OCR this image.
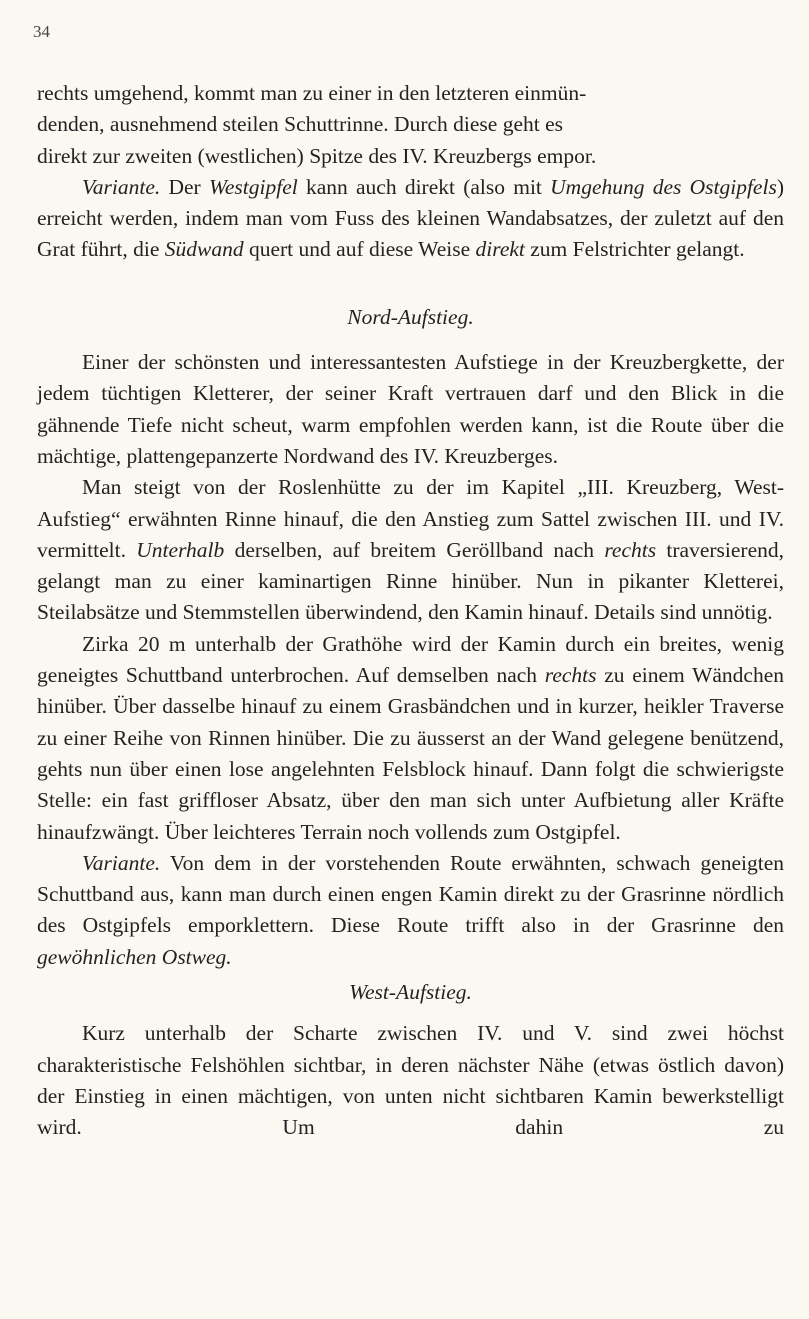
34

rechts umgehend, kommt man zu einer in den letzteren einmün-
denden, ausnehmend steilen Schuttrinne. Durch diese geht es
direkt zur zweiten (westlichen) Spitze des IV. Kreuzbergs empor.

Variante. Der Westgipfel kann auch direkt (also mit Umgehung des Ostgipfels) erreicht werden, indem man vom Fuss des kleinen Wandabsatzes, der zuletzt auf den Grat führt, die Südwand quert und auf diese Weise direkt zum Felstrichter gelangt.

Nord-Aufstieg.

Einer der schönsten und interessantesten Aufstiege in der Kreuzbergkette, der jedem tüchtigen Kletterer, der seiner Kraft vertrauen darf und den Blick in die gähnende Tiefe nicht scheut, warm empfohlen werden kann, ist die Route über die mächtige, plattengepanzerte Nordwand des IV. Kreuzberges.

Man steigt von der Roslenhütte zu der im Kapitel „III. Kreuzberg, West-Aufstieg“ erwähnten Rinne hinauf, die den Anstieg zum Sattel zwischen III. und IV. vermittelt. Unterhalb derselben, auf breitem Geröllband nach rechts traversierend, gelangt man zu einer kaminartigen Rinne hinüber. Nun in pikanter Kletterei, Steilabsätze und Stemmstellen überwindend, den Kamin hinauf. Details sind unnötig.

Zirka 20 m unterhalb der Grathöhe wird der Kamin durch ein breites, wenig geneigtes Schuttband unterbrochen. Auf demselben nach rechts zu einem Wändchen hinüber. Über dasselbe hinauf zu einem Grasbändchen und in kurzer, heikler Traverse zu einer Reihe von Rinnen hinüber. Die zu äusserst an der Wand gelegene benützend, gehts nun über einen lose angelehnten Felsblock hinauf. Dann folgt die schwierigste Stelle: ein fast griffloser Absatz, über den man sich unter Aufbietung aller Kräfte hinaufzwängt. Über leichteres Terrain noch vollends zum Ostgipfel.

Variante. Von dem in der vorstehenden Route erwähnten, schwach geneigten Schuttband aus, kann man durch einen engen Kamin direkt zu der Grasrinne nördlich des Ostgipfels emporklettern. Diese Route trifft also in der Grasrinne den gewöhnlichen Ostweg.

West-Aufstieg.

Kurz unterhalb der Scharte zwischen IV. und V. sind zwei höchst charakteristische Felshöhlen sichtbar, in deren nächster Nähe (etwas östlich davon) der Einstieg in einen mächtigen, von unten nicht sichtbaren Kamin bewerkstelligt wird. Um dahin zu
